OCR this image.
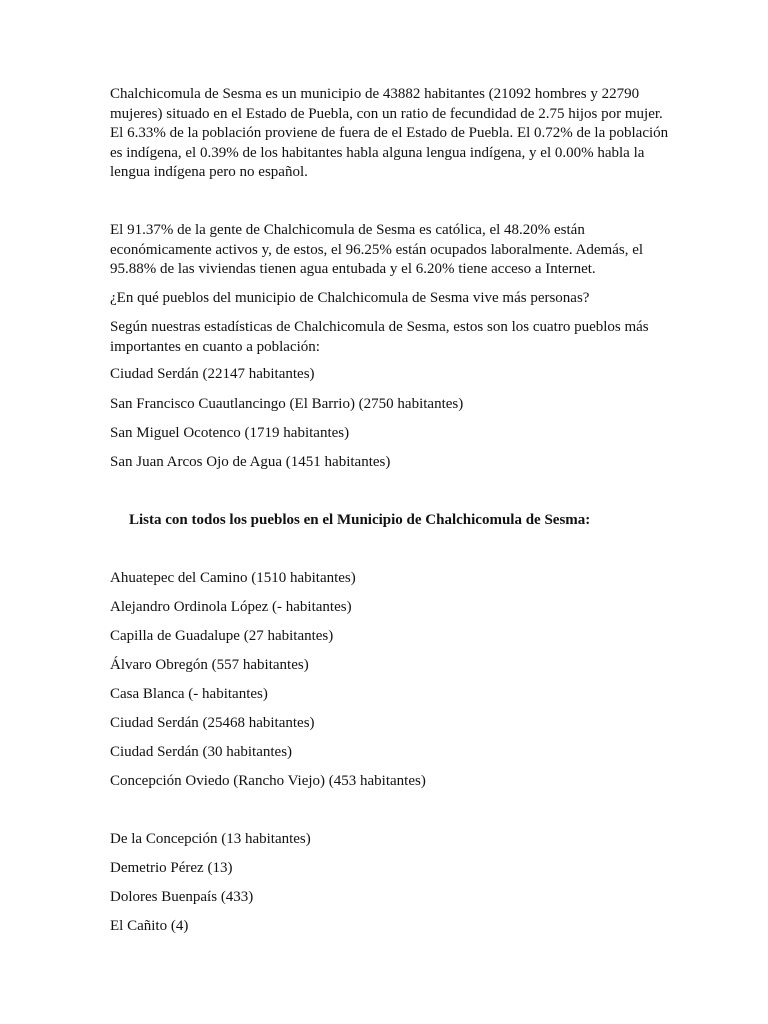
Chalchicomula de Sesma es un municipio de 43882 habitantes (21092 hombres y 22790 mujeres) situado en el Estado de Puebla, con un ratio de fecundidad de 2.75 hijos por mujer. El 6.33% de la población proviene de fuera de el Estado de Puebla. El 0.72% de la población es indígena, el 0.39% de los habitantes habla alguna lengua indígena, y el 0.00% habla la lengua indígena pero no español.

El 91.37% de la gente de Chalchicomula de Sesma es católica, el 48.20% están económicamente activos y, de estos, el 96.25% están ocupados laboralmente. Además, el 95.88% de las viviendas tienen agua entubada y el 6.20% tiene acceso a Internet.

¿En qué pueblos del municipio de Chalchicomula de Sesma vive más personas?

Según nuestras estadísticas de Chalchicomula de Sesma, estos son los cuatro pueblos más importantes en cuanto a población:

Ciudad Serdán (22147 habitantes)

San Francisco Cuautlancingo (El Barrio) (2750 habitantes)

San Miguel Ocotenco (1719 habitantes)

San Juan Arcos Ojo de Agua (1451 habitantes)

Lista con todos los pueblos en el Municipio de Chalchicomula de Sesma:

Ahuatepec del Camino (1510 habitantes)

Alejandro Ordinola López (- habitantes)

Capilla de Guadalupe (27 habitantes)

Álvaro Obregón (557 habitantes)

Casa Blanca (- habitantes)

Ciudad Serdán (25468 habitantes)

Ciudad Serdán (30 habitantes)

Concepción Oviedo (Rancho Viejo) (453 habitantes)

De la Concepción (13 habitantes)

Demetrio Pérez (13)

Dolores Buenpaís (433)

El Cañito (4)
